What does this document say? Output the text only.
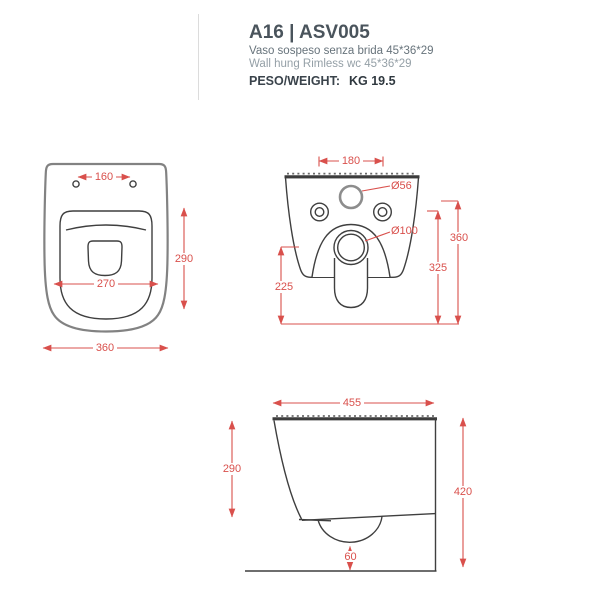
A16 | ASV005
Vaso sospeso senza brida 45*36*29
Wall hung Rimless wc 45*36*29
PESO/WEIGHT: KG 19.5
160
270
290
360
180
Ø56
Ø100
360
325
225
455
290
420
60
